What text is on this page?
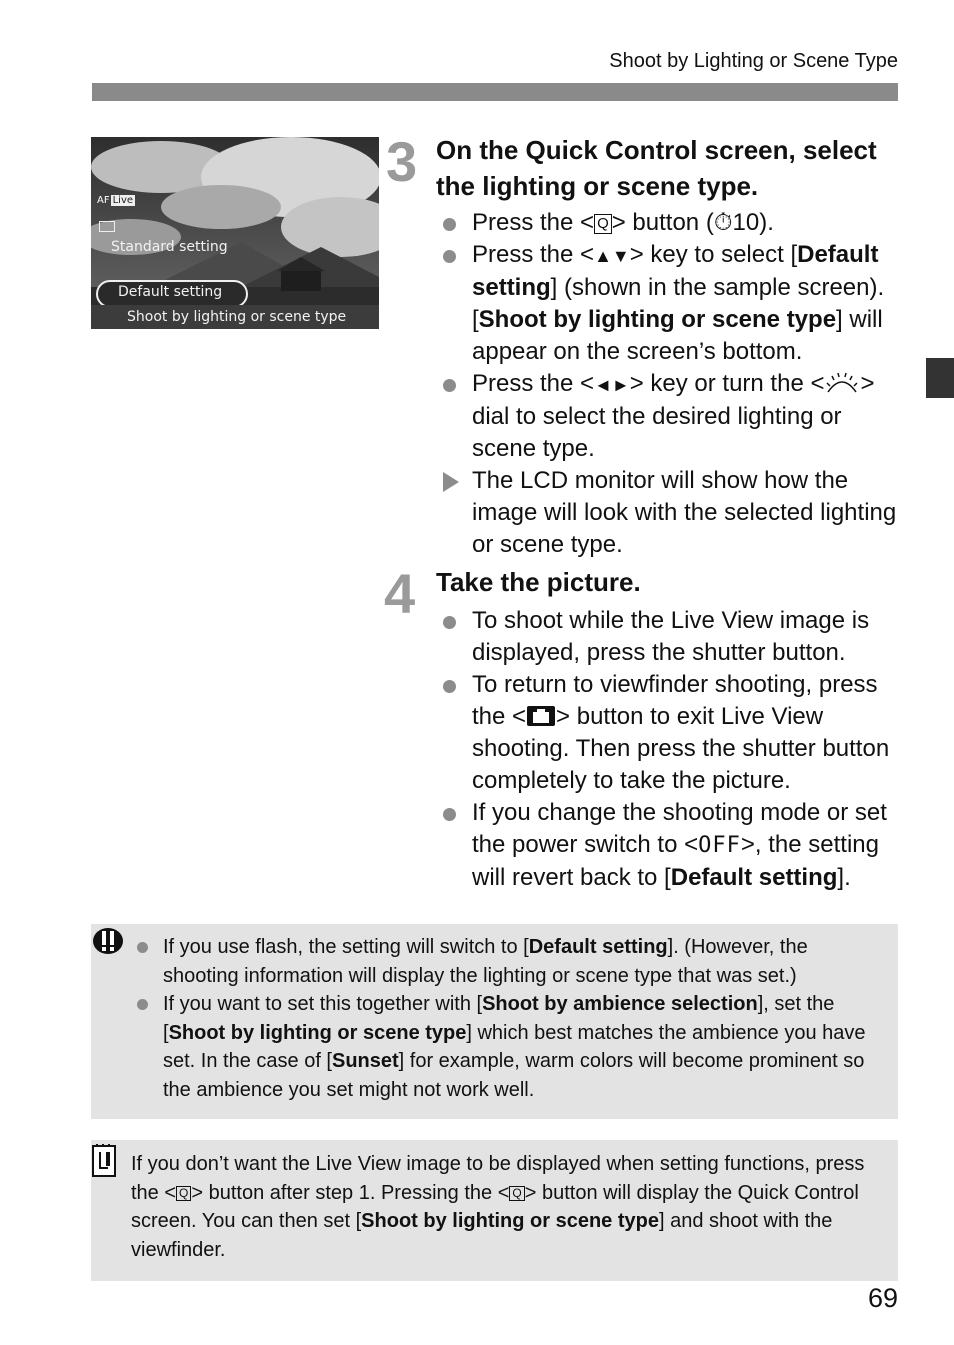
Shoot by Lighting or Scene Type
AF Live
Standard setting
Default setting
Shoot by lighting or scene type
3 On the Quick Control screen, select the lighting or scene type.
Press the < Q > button (⏱10).
Press the <▲▼> key to select [Default setting] (shown in the sample screen). [Shoot by lighting or scene type] will appear on the screen’s bottom.
Press the <◄►> key or turn the < > dial to select the desired lighting or scene type.
The LCD monitor will show how the image will look with the selected lighting or scene type.
4 Take the picture.
To shoot while the Live View image is displayed, press the shutter button.
To return to viewfinder shooting, press the < > button to exit Live View shooting. Then press the shutter button completely to take the picture.
If you change the shooting mode or set the power switch to <OFF>, the setting will revert back to [Default setting].
If you use flash, the setting will switch to [Default setting]. (However, the shooting information will display the lighting or scene type that was set.)
If you want to set this together with [Shoot by ambience selection], set the [Shoot by lighting or scene type] which best matches the ambience you have set. In the case of [Sunset] for example, warm colors will become prominent so the ambience you set might not work well.

If you don’t want the Live View image to be displayed when setting functions, press the < Q > button after step 1. Pressing the < Q > button will display the Quick Control screen. You can then set [Shoot by lighting or scene type] and shoot with the viewfinder.

69
